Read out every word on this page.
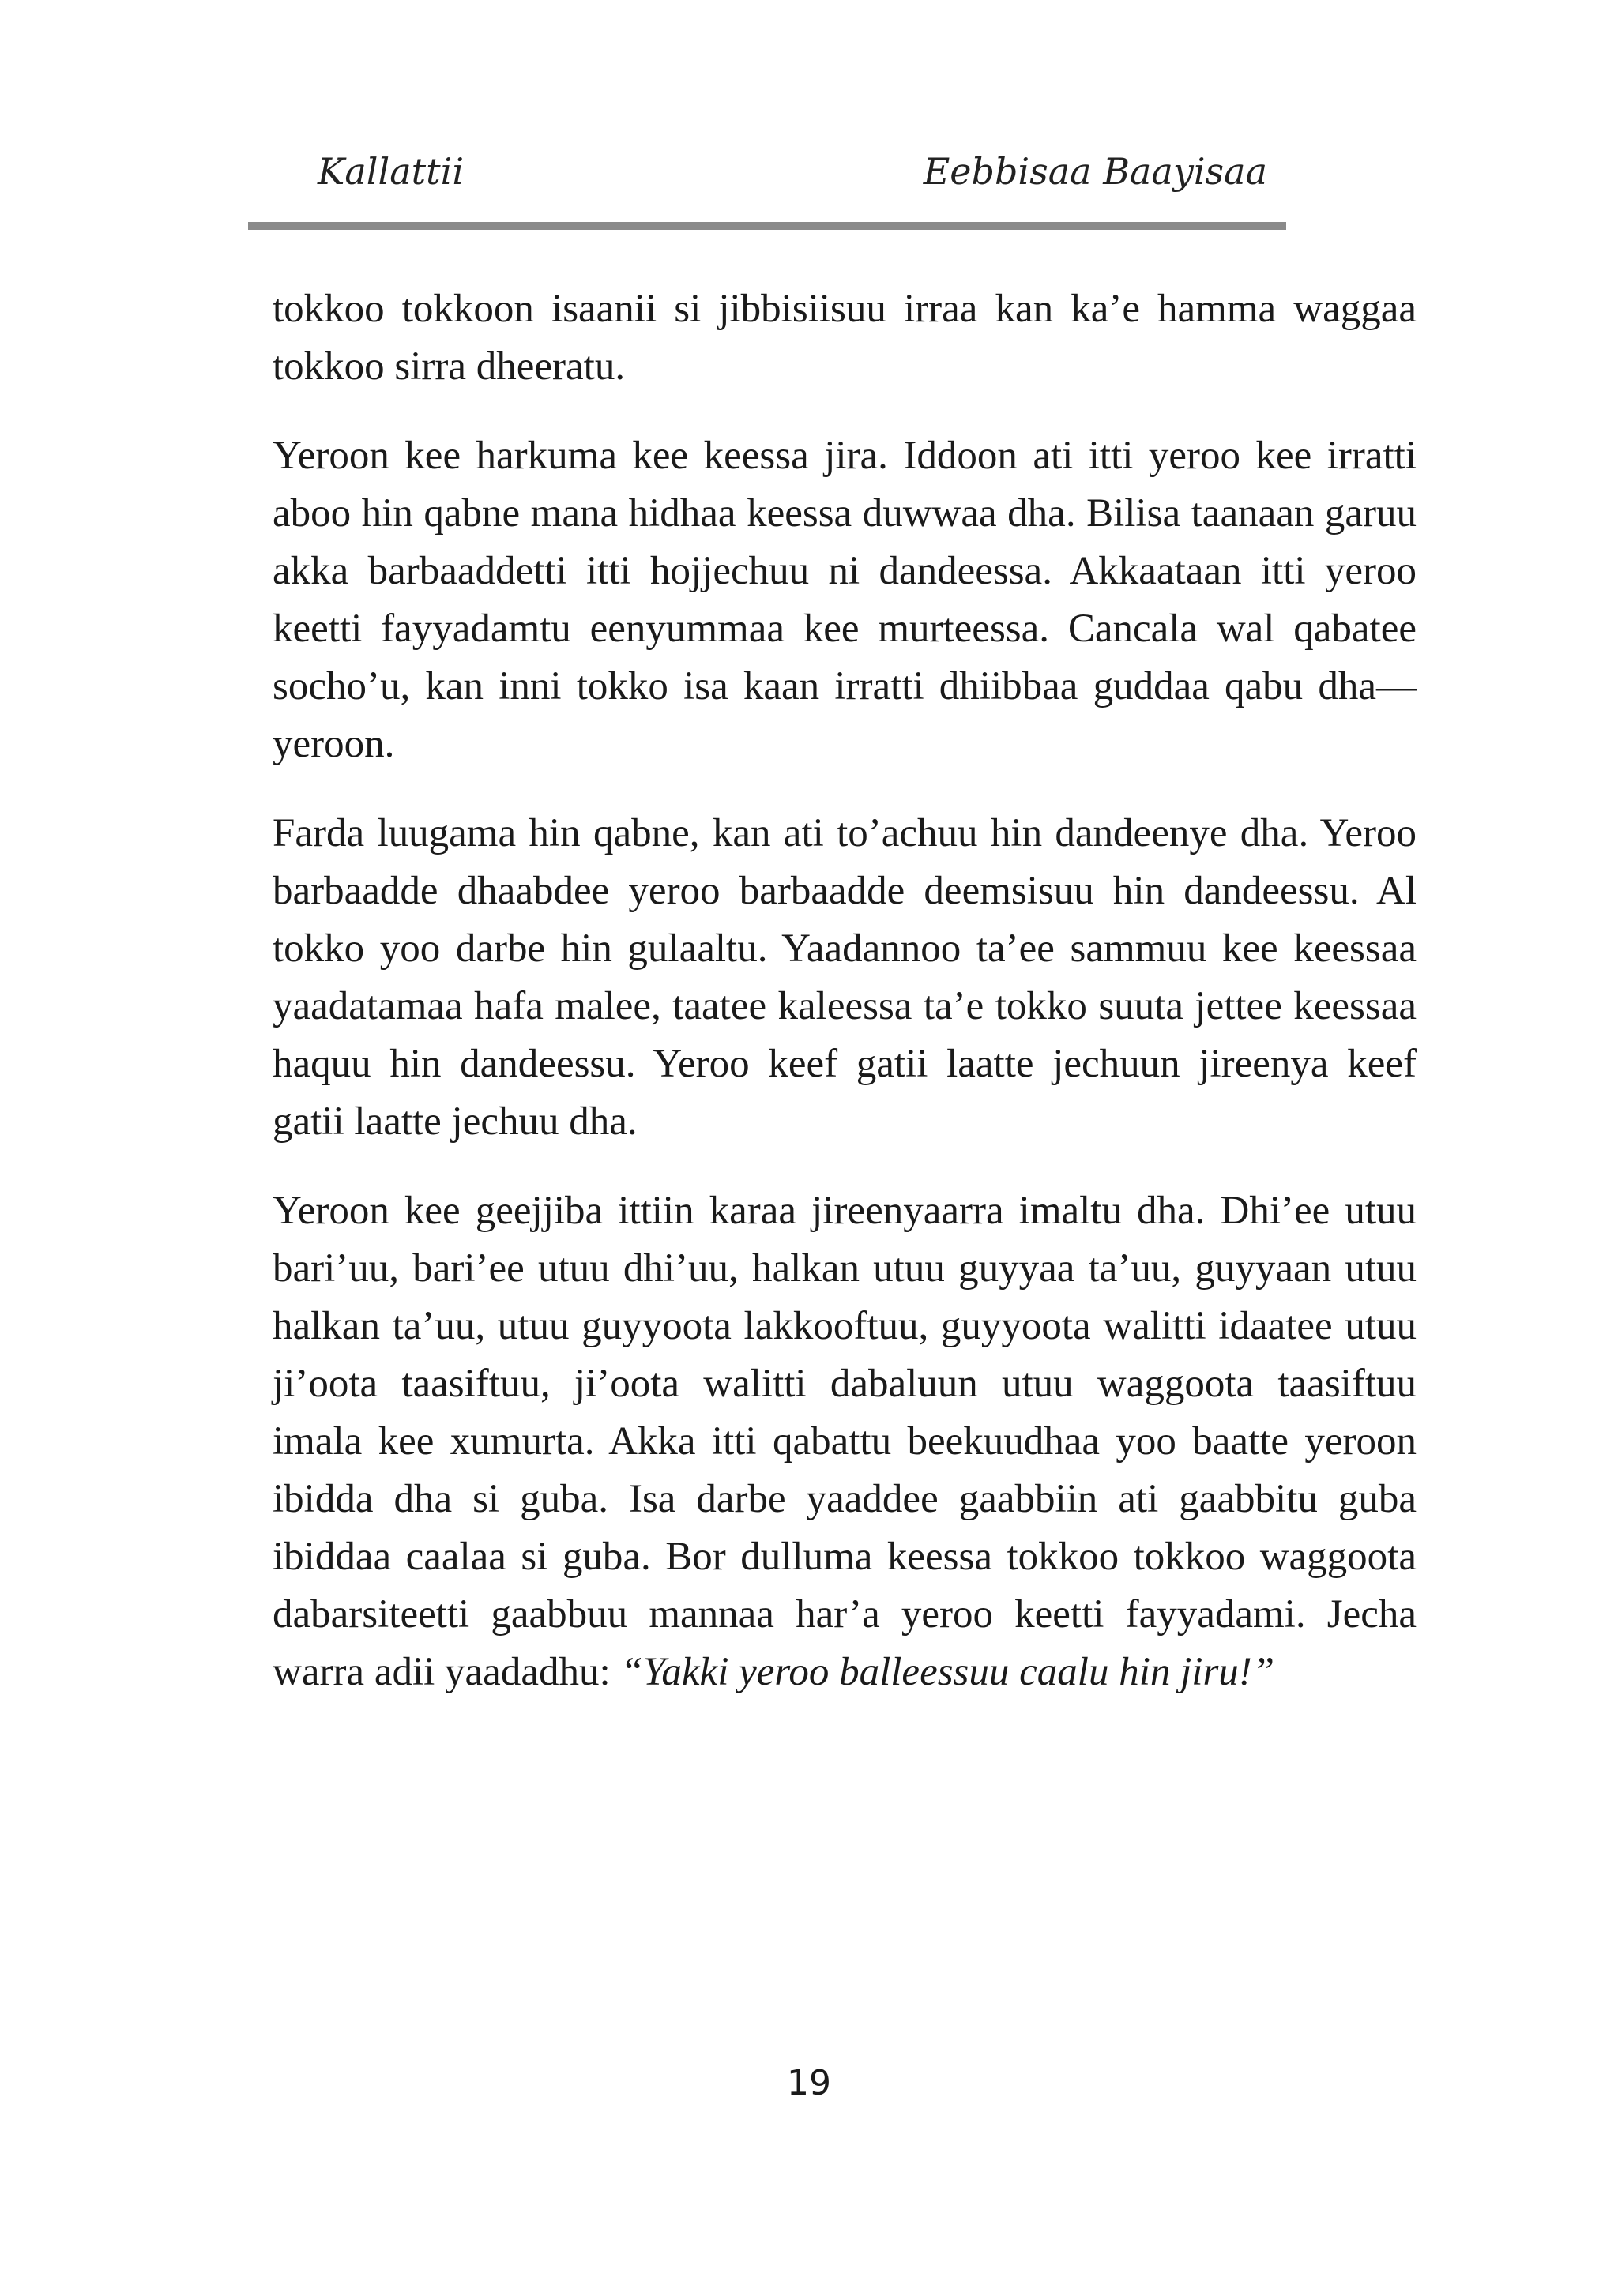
Kallattii	Eebbisaa Baayisaa

tokkoo tokkoon isaanii si jibbisiisuu irraa kan ka’e hamma waggaa tokkoo sirra dheeratu.

Yeroon kee harkuma kee keessa jira. Iddoon ati itti yeroo kee irratti aboo hin qabne mana hidhaa keessa duwwaa dha. Bilisa taanaan garuu akka barbaaddetti itti hojjechuu ni dandeessa. Akkaataan itti yeroo keetti fayyadamtu eenyummaa kee murteessa. Cancala wal qabatee socho’u, kan inni tokko isa kaan irratti dhiibbaa guddaa qabu dha—yeroon.

Farda luugama hin qabne, kan ati to’achuu hin dandeenye dha. Yeroo barbaadde dhaabdee yeroo barbaadde deemsisuu hin dandeessu. Al tokko yoo darbe hin gulaaltu. Yaadannoo ta’ee sammuu kee keessaa yaadatamaa hafa malee, taatee kaleessa ta’e tokko suuta jettee keessaa haquu hin dandeessu. Yeroo keef gatii laatte jechuun jireenya keef gatii laatte jechuu dha.

Yeroon kee geejjiba ittiin karaa jireenyaarra imaltu dha. Dhi’ee utuu bari’uu, bari’ee utuu dhi’uu, halkan utuu guyyaa ta’uu, guyyaan utuu halkan ta’uu, utuu guyyoota lakkooftuu, guyyoota walitti idaatee utuu ji’oota taasiftuu, ji’oota walitti dabaluun utuu waggoota taasiftuu imala kee xumurta. Akka itti qabattu beekuudhaa yoo baatte yeroon ibidda dha si guba. Isa darbe yaaddee gaabbiin ati gaabbitu guba ibiddaa caalaa si guba. Bor dulluma keessa tokkoo tokkoo waggoota dabarsiteetti gaabbuu mannaa har’a yeroo keetti fayyadami. Jecha warra adii yaadadhu: “Yakki yeroo balleessuu caalu hin jiru!”

19
